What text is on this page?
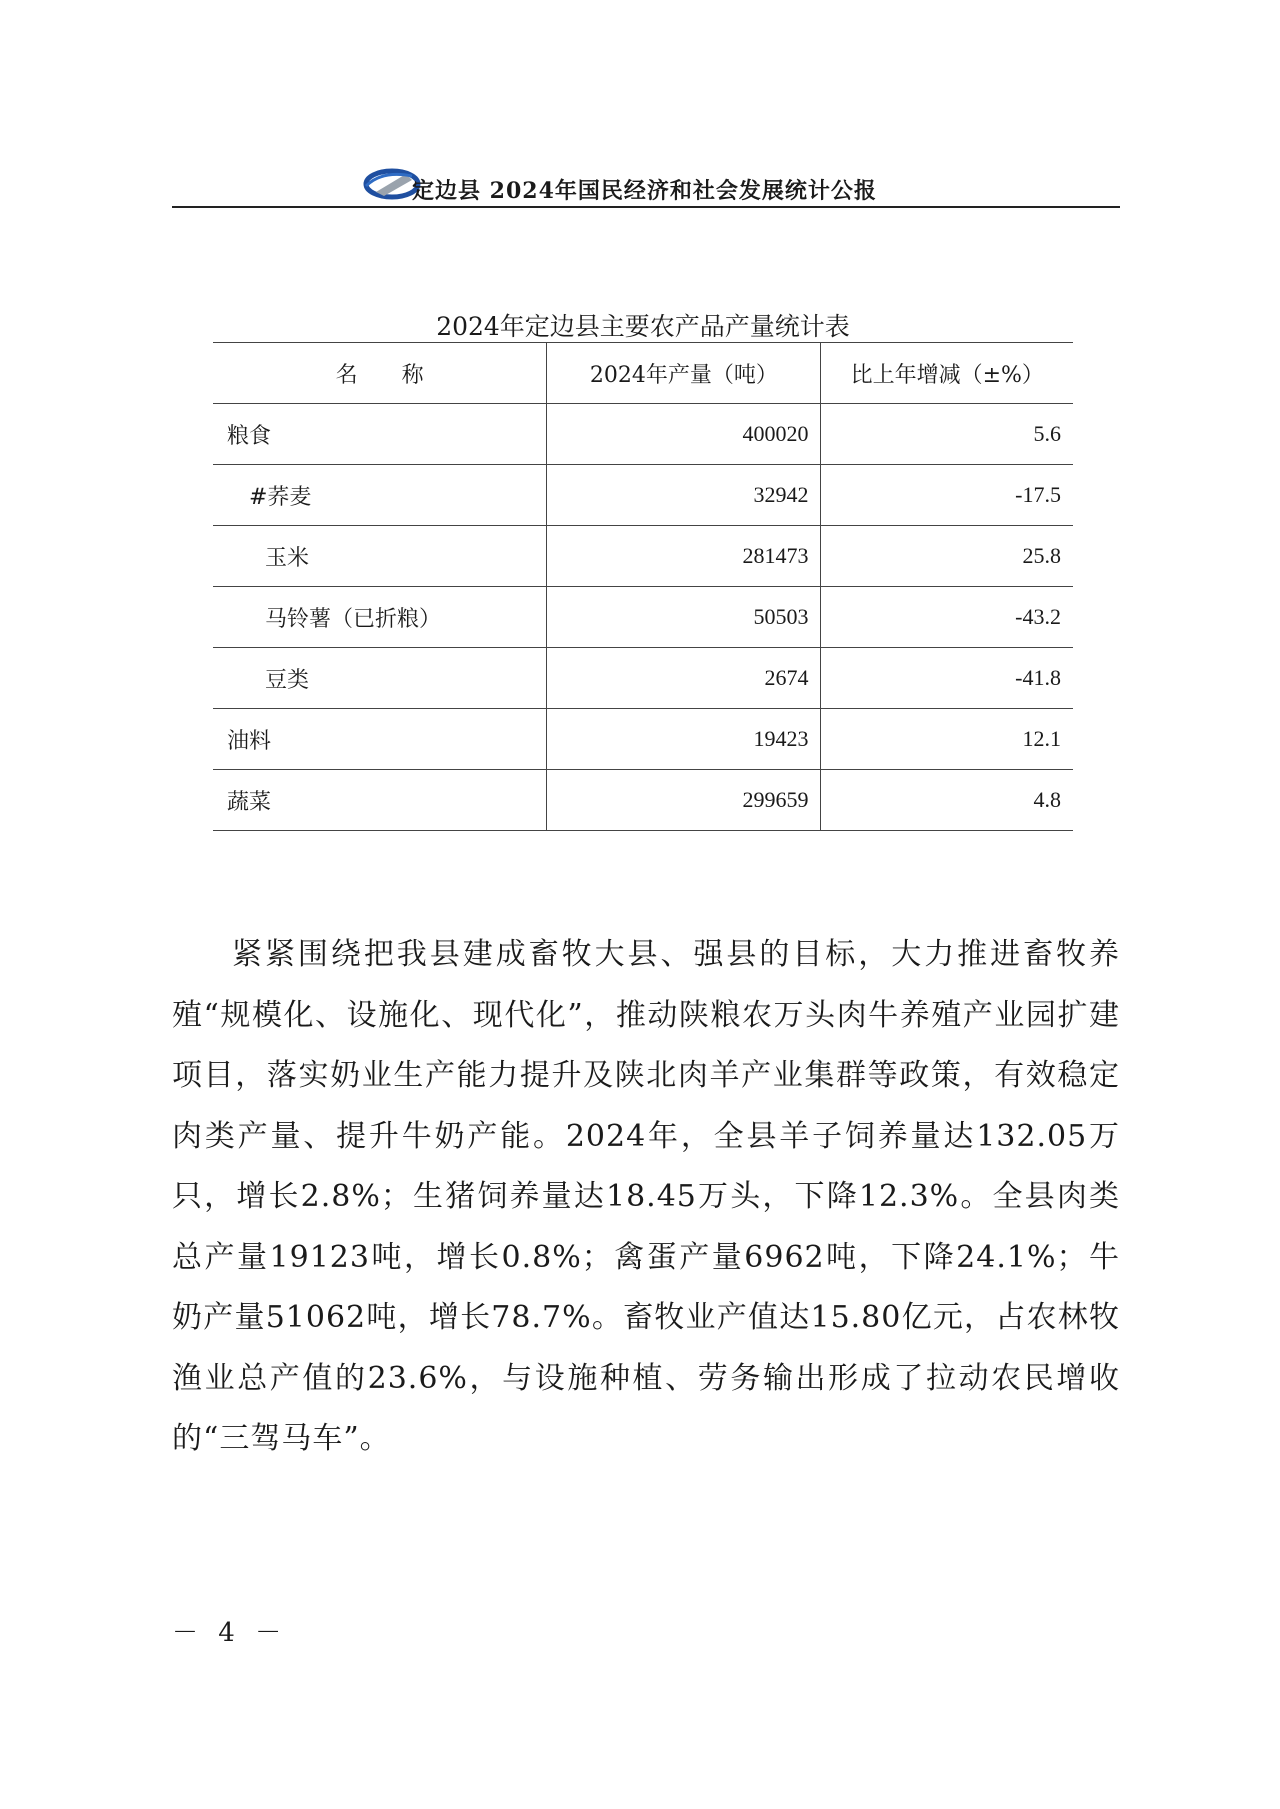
定边县 2024年国民经济和社会发展统计公报
2024年定边县主要农产品产量统计表
名　　称	2024年产量（吨）	比上年增减（±%）
粮食	400020	5.6
#荞麦	32942	-17.5
玉米	281473	25.8
马铃薯（已折粮）	50503	-43.2
豆类	2674	-41.8
油料	19423	12.1
蔬菜	299659	4.8

紧紧围绕把我县建成畜牧大县、强县的目标，大力推进畜牧养殖“规模化、设施化、现代化”，推动陕粮农万头肉牛养殖产业园扩建项目，落实奶业生产能力提升及陕北肉羊产业集群等政策，有效稳定肉类产量、提升牛奶产能。2024年，全县羊子饲养量达132.05万只，增长2.8%；生猪饲养量达18.45万头，下降12.3%。全县肉类总产量19123吨，增长0.8%；禽蛋产量6962吨，下降24.1%；牛奶产量51062吨，增长78.7%。畜牧业产值达15.80亿元，占农林牧渔业总产值的23.6%，与设施种植、劳务输出形成了拉动农民增收的“三驾马车”。

－ 4 －
